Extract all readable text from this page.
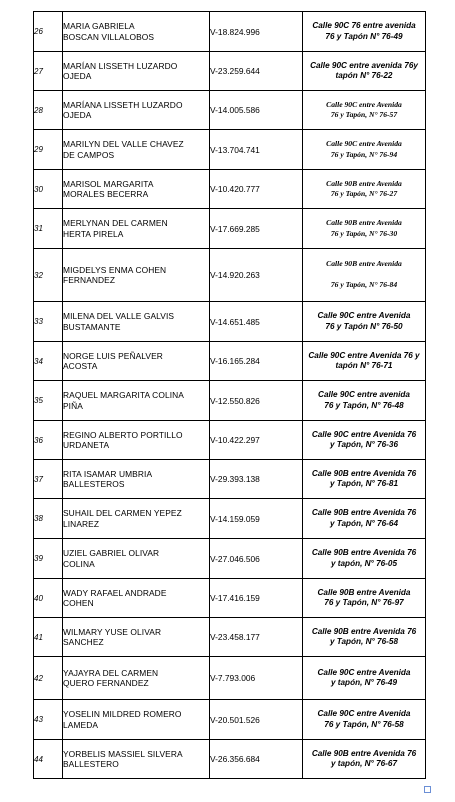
26	MARIA GABRIELA
BOSCAN VILLALOBOS	V-18.824.996	Calle 90C 76 entre avenida
76 y Tapón N° 76-49
27	MARÍAN LISSETH LUZARDO
OJEDA	V-23.259.644	Calle 90C entre avenida 76y
tapón N° 76-22
28	MARÍANA LISSETH LUZARDO
OJEDA	V-14.005.586	Calle 90C entre Avenida
76 y Tapón, N° 76-57
29	MARILYN DEL VALLE CHAVEZ
DE CAMPOS	V-13.704.741	Calle 90C entre Avenida
76 y Tapón, N° 76-94
30	MARISOL MARGARITA
MORALES BECERRA	V-10.420.777	Calle 90B entre Avenida
76 y Tapón, N° 76-27
31	MERLYNAN DEL CARMEN
HERTA PIRELA	V-17.669.285	Calle 90B entre Avenida
76 y Tapón, N° 76-30
32	MIGDELYS ENMA COHEN
FERNANDEZ	V-14.920.263	Calle 90B entre Avenida

76 y Tapón, N° 76-84
33	MILENA DEL VALLE GALVIS
BUSTAMANTE	V-14.651.485	Calle 90C entre Avenida
76 y Tapón N° 76-50
34	NORGE LUIS PEÑALVER
ACOSTA	V-16.165.284	Calle 90C entre Avenida 76 y
tapón N° 76-71
35	RAQUEL MARGARITA COLINA
PIÑA	V-12.550.826	Calle 90C entre avenida
76 y Tapón, N° 76-48
36	REGINO ALBERTO PORTILLO
URDANETA	V-10.422.297	Calle 90C entre Avenida 76
y Tapón, N° 76-36
37	RITA ISAMAR UMBRIA
BALLESTEROS	V-29.393.138	Calle 90B entre Avenida 76
y Tapón, N° 76-81
38	SUHAIL DEL CARMEN YEPEZ
LINAREZ	V-14.159.059	Calle 90B entre Avenida 76
y Tapón, N° 76-64
39	UZIEL GABRIEL OLIVAR
COLINA	V-27.046.506	Calle 90B entre Avenida 76
y tapón, N° 76-05
40	WADY RAFAEL ANDRADE
COHEN	V-17.416.159	Calle 90B entre Avenida
76 y Tapón, N° 76-97
41	WILMARY YUSE OLIVAR
SANCHEZ	V-23.458.177	Calle 90B entre Avenida 76
y Tapón, N° 76-58
42	YAJAYRA DEL CARMEN
QUERO FERNANDEZ	V-7.793.006	Calle 90C entre Avenida
y tapón, N° 76-49
43	YOSELIN MILDRED ROMERO
LAMEDA	V-20.501.526	Calle 90C entre Avenida
76 y Tapón, N° 76-58
44	YORBELIS MASSIEL SILVERA
BALLESTERO	V-26.356.684	Calle 90B entre Avenida 76
y tapón, N° 76-67
